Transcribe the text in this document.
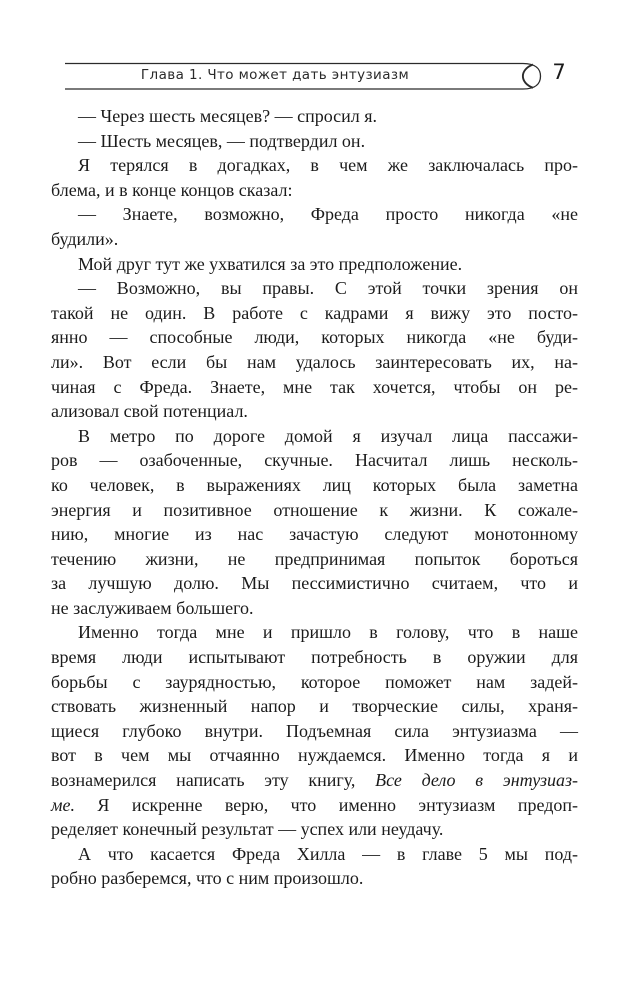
Глава 1. Что может дать энтузиазм	7
— Через шесть месяцев? — спросил я.
— Шесть месяцев, — подтвердил он.
Я терялся в догадках, в чем же заключалась про-
блема, и в конце концов сказал:
— Знаете, возможно, Фреда просто никогда «не
будили».
Мой друг тут же ухватился за это предположение.
— Возможно, вы правы. С этой точки зрения он
такой не один. В работе с кадрами я вижу это посто-
янно — способные люди, которых никогда «не буди-
ли». Вот если бы нам удалось заинтересовать их, на-
чиная с Фреда. Знаете, мне так хочется, чтобы он ре-
ализовал свой потенциал.
В метро по дороге домой я изучал лица пассажи-
ров — озабоченные, скучные. Насчитал лишь несколь-
ко человек, в выражениях лиц которых была заметна
энергия и позитивное отношение к жизни. К сожале-
нию, многие из нас зачастую следуют монотонному
течению жизни, не предпринимая попыток бороться
за лучшую долю. Мы пессимистично считаем, что и
не заслуживаем большего.
Именно тогда мне и пришло в голову, что в наше
время люди испытывают потребность в оружии для
борьбы с заурядностью, которое поможет нам задей-
ствовать жизненный напор и творческие силы, храня-
щиеся глубоко внутри. Подъемная сила энтузиазма —
вот в чем мы отчаянно нуждаемся. Именно тогда я и
вознамерился написать эту книгу, Все дело в энтузиаз-
ме. Я искренне верю, что именно энтузиазм предоп-
ределяет конечный результат — успех или неудачу.
А что касается Фреда Хилла — в главе 5 мы под-
робно разберемся, что с ним произошло.
